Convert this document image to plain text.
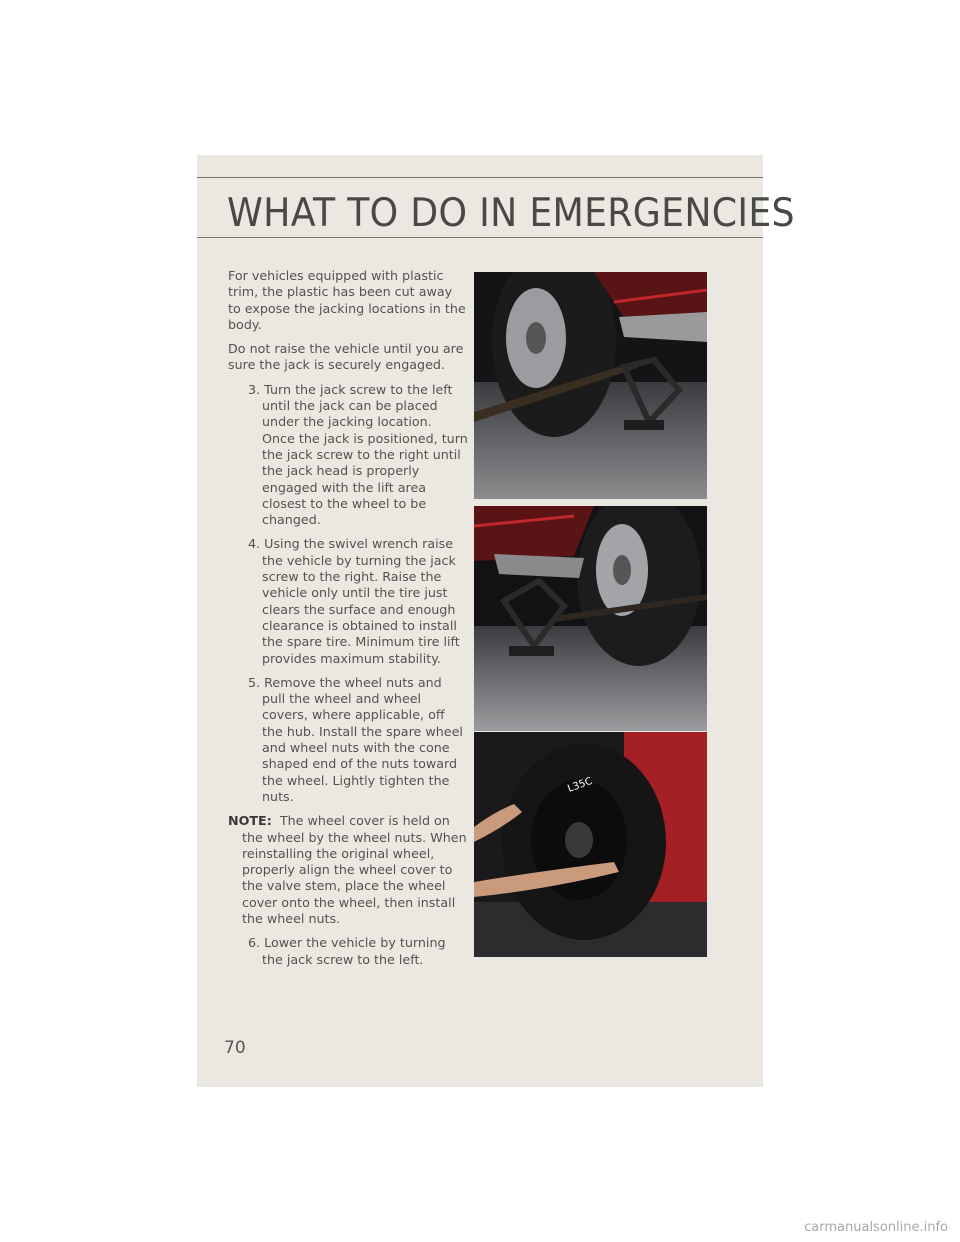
WHAT TO DO IN EMERGENCIES

For vehicles equipped with plastic trim, the plastic has been cut away to expose the jacking locations in the body.

Do not raise the vehicle until you are sure the jack is securely engaged.

3. Turn the jack screw to the left until the jack can be placed under the jacking location. Once the jack is positioned, turn the jack screw to the right until the jack head is properly engaged with the lift area closest to the wheel to be changed.

4. Using the swivel wrench raise the vehicle by turning the jack screw to the right. Raise the vehicle only until the tire just clears the surface and enough clearance is obtained to install the spare tire. Minimum tire lift provides maximum stability.

5. Remove the wheel nuts and pull the wheel and wheel covers, where applicable, off the hub. Install the spare wheel and wheel nuts with the cone shaped end of the nuts toward the wheel. Lightly tighten the nuts.

NOTE: The wheel cover is held on the wheel by the wheel nuts. When reinstalling the original wheel, properly align the wheel cover to the valve stem, place the wheel cover onto the wheel, then install the wheel nuts.

6. Lower the vehicle by turning the jack screw to the left.

L35C
70
carmanualsonline.info
